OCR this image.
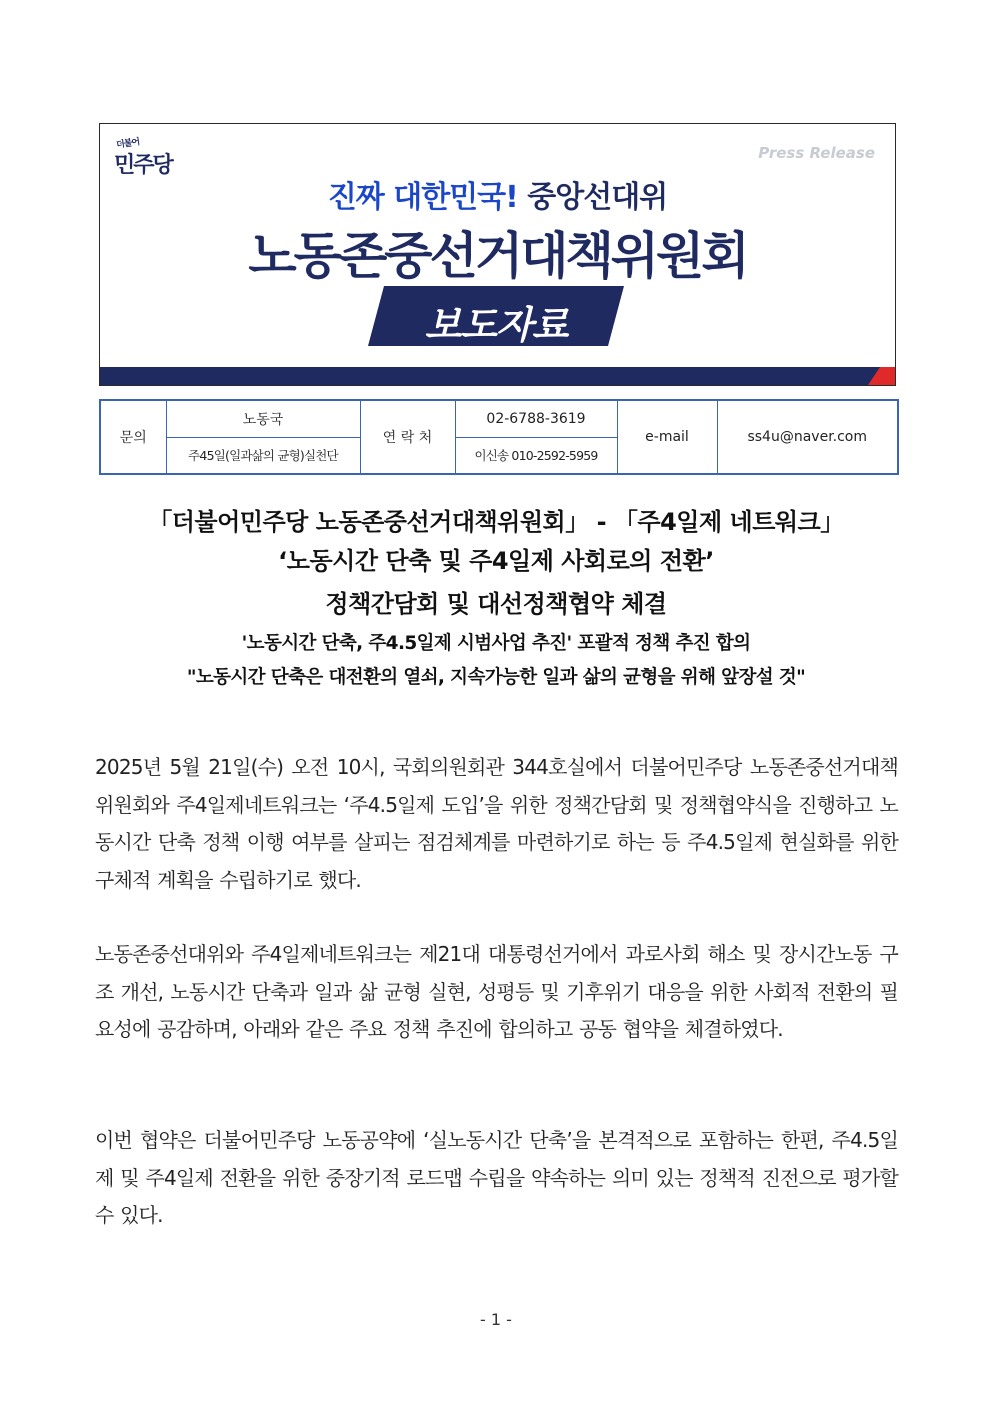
더불어
민주당	Press Release
진짜 대한민국! 중앙선대위
노동존중선거대책위원회
보도자료
문의	노동국	연 락 처	02-6788-3619	e-mail	ss4u@naver.com
	주45일(일과삶의 균형)실천단		이신송 010-2592-5959		
「더불어민주당 노동존중선거대책위원회」 - 「주4일제 네트워크」
‘노동시간 단축 및 주4일제 사회로의 전환’
정책간담회 및 대선정책협약 체결
'노동시간 단축, 주4.5일제 시범사업 추진' 포괄적 정책 추진 합의
"노동시간 단축은 대전환의 열쇠, 지속가능한 일과 삶의 균형을 위해 앞장설 것"
2025년 5월 21일(수) 오전 10시, 국회의원회관 344호실에서 더불어민주당 노동존중선거대책위원회와 주4일제네트워크는 ‘주4.5일제 도입’을 위한 정책간담회 및 정책협약식을 진행하고 노동시간 단축 정책 이행 여부를 살피는 점검체계를 마련하기로 하는 등 주4.5일제 현실화를 위한 구체적 계획을 수립하기로 했다.
노동존중선대위와 주4일제네트워크는 제21대 대통령선거에서 과로사회 해소 및 장시간노동 구조 개선, 노동시간 단축과 일과 삶 균형 실현, 성평등 및 기후위기 대응을 위한 사회적 전환의 필요성에 공감하며, 아래와 같은 주요 정책 추진에 합의하고 공동 협약을 체결하였다.
이번 협약은 더불어민주당 노동공약에 ‘실노동시간 단축’을 본격적으로 포함하는 한편, 주4.5일제 및 주4일제 전환을 위한 중장기적 로드맵 수립을 약속하는 의미 있는 정책적 진전으로 평가할 수 있다.
- 1 -
